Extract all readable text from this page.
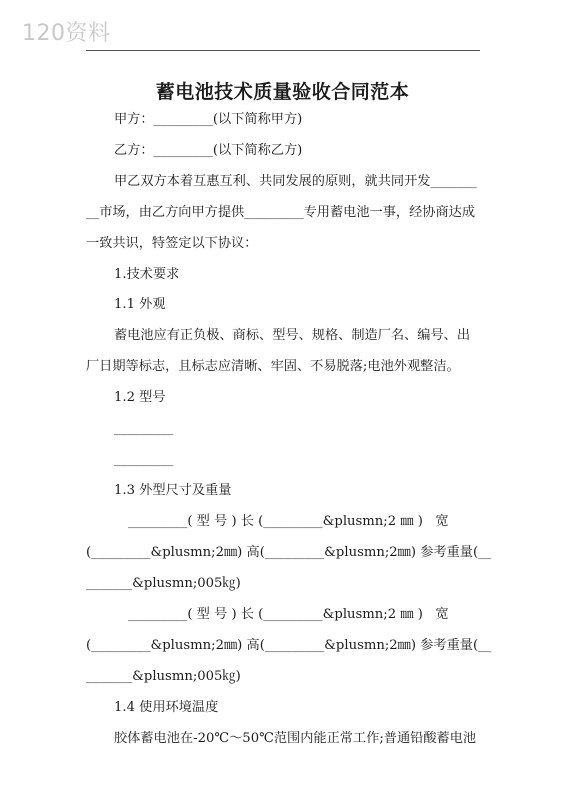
120资料
蓄电池技术质量验收合同范本
甲方：_________(以下简称甲方)
乙方：_________(以下简称乙方)
甲乙双方本着互惠互利、共同发展的原则，就共同开发_______
__市场，由乙方向甲方提供_________专用蓄电池一事，经协商达成
一致共识，特签定以下协议：
1.技术要求
1.1 外观
蓄电池应有正负极、商标、型号、规格、制造厂名、编号、出
厂日期等标志，且标志应清晰、牢固、不易脱落;电池外观整洁。
1.2 型号
_________
_________
1.3 外型尺寸及重量
_________( 型 号 ) 长 (_________&plusmn;2 ㎜ )   宽
(_________&plusmn;2㎜) 高(_________&plusmn;2㎜) 参考重量(__
_______&plusmn;005㎏)
_________( 型 号 ) 长 (_________&plusmn;2 ㎜ )   宽
(_________&plusmn;2㎜) 高(_________&plusmn;2㎜) 参考重量(__
_______&plusmn;005㎏)
1.4 使用环境温度
胶体蓄电池在-20℃～50℃范围内能正常工作;普通铅酸蓄电池
